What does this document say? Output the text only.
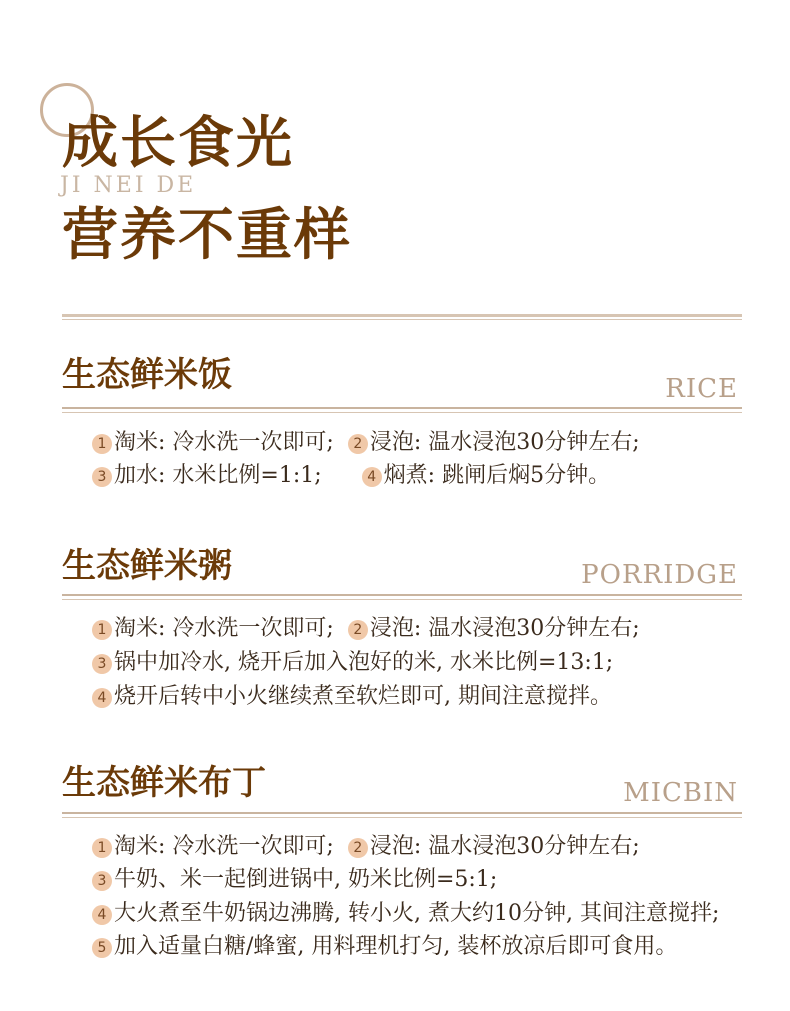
成长食光
JI NEI DE
营养不重样
生态鲜米饭	RICE
1 淘米: 冷水洗一次即可; 2 浸泡: 温水浸泡30分钟左右;
3 加水: 水米比例=1:1;	4 焖煮: 跳闸后焖5分钟。
生态鲜米粥	PORRIDGE
1 淘米: 冷水洗一次即可; 2 浸泡: 温水浸泡30分钟左右;
3 锅中加冷水, 烧开后加入泡好的米, 水米比例=13:1;
4 烧开后转中小火继续煮至软烂即可, 期间注意搅拌。
生态鲜米布丁	MICBIN
1 淘米: 冷水洗一次即可; 2 浸泡: 温水浸泡30分钟左右;
3 牛奶、米一起倒进锅中, 奶米比例=5:1;
4 大火煮至牛奶锅边沸腾, 转小火, 煮大约10分钟, 其间注意搅拌;
5 加入适量白糖/蜂蜜, 用料理机打匀, 装杯放凉后即可食用。
